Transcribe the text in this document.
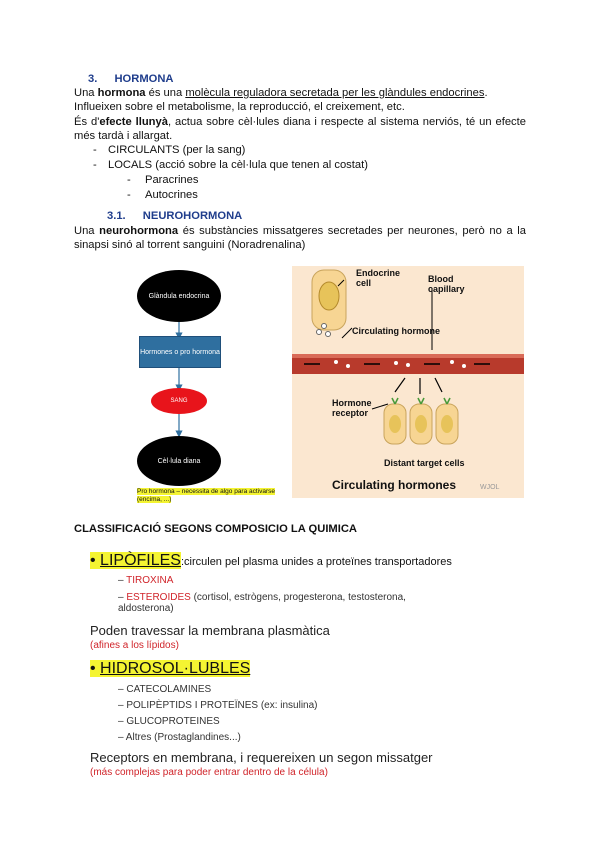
3. HORMONA
Una hormona és una molècula reguladora secretada per les glàndules endocrines.
Influeixen sobre el metabolisme, la reproducció, el creixement, etc.
És d'efecte llunyà, actua sobre cèl·lules diana i respecte al sistema nerviós, té un efecte més tardà i allargat.
- CIRCULANTS (per la sang)
- LOCALS (acció sobre la cèl·lula que tenen al costat)
- Paracrines
- Autocrines
3.1. NEUROHORMONA
Una neurohormona és substàncies missatgeres secretades per neurones, però no a la sinapsi sinó al torrent sanguini (Noradrenalina)
Glàndula endocrina
Hormones o pro hormona
SANG
Cèl·lula diana
Pro hormona – necessita de algo para activarse (encima, ...)
Endocrine cell	Blood capillary
Circulating hormone
Hormone receptor
Distant target cells
Circulating hormones	WJOL
CLASSIFICACIÓ SEGONS COMPOSICIO LA QUIMICA
• LIPÒFILES:circulen pel plasma unides a proteïnes transportadores
– TIROXINA
– ESTEROIDES (cortisol, estrògens, progesterona, testosterona, aldosterona)
Poden travessar la membrana plasmàtica
(afines a los lípidos)
• HIDROSOL·LUBLES
– CATECOLAMINES
– POLIPÈPTIDS I PROTEÏNES (ex: insulina)
– GLUCOPROTEINES
– Altres (Prostaglandines...)
Receptors en membrana, i requereixen un segon missatger
(más complejas para poder entrar dentro de la célula)
